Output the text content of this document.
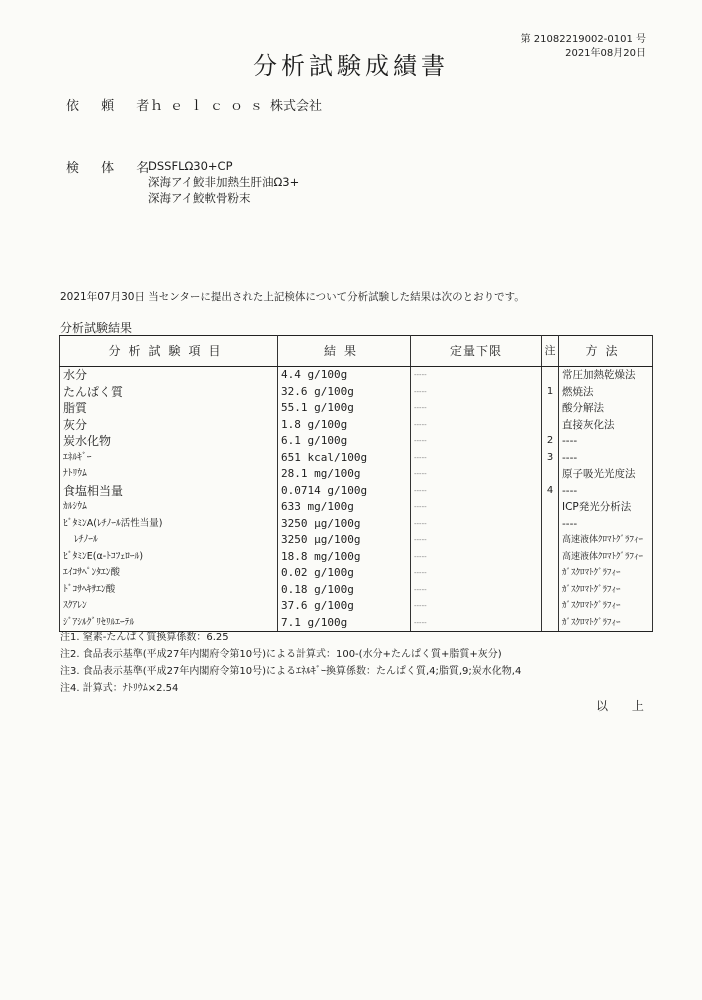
第 21082219002-0101 号
2021年08月20日
分析試験成績書
依 頼 者
ｈｅｌｃｏｓ株式会社
検 体 名
DSSFLΩ30+CP
深海アイ鮫非加熱生肝油Ω3+
深海アイ鮫軟骨粉末
2021年07月30日 当センターに提出された上記検体について分析試験した結果は次のとおりです。
分析試験結果
分析試験項目	結果	定量下限	注	方法
水分	4.4 g/100g	-----		常圧加熱乾燥法
たんぱく質	32.6 g/100g	-----	1	燃焼法
脂質	55.1 g/100g	-----		酸分解法
灰分	1.8 g/100g	-----		直接灰化法
炭水化物	6.1 g/100g	-----	2	----
ｴﾈﾙｷﾞｰ	651 kcal/100g	-----	3	----
ﾅﾄﾘｳﾑ	28.1 mg/100g	-----		原子吸光光度法
食塩相当量	0.0714 g/100g	-----	4	----
ｶﾙｼｳﾑ	633 mg/100g	-----		ICP発光分析法
ﾋﾞﾀﾐﾝA(ﾚﾁﾉｰﾙ活性当量)	3250 μg/100g	-----		----
ﾚﾁﾉｰﾙ	3250 μg/100g	-----		高速液体ｸﾛﾏﾄｸﾞﾗﾌｨｰ
ﾋﾞﾀﾐﾝE(α-ﾄｺﾌｪﾛｰﾙ)	18.8 mg/100g	-----		高速液体ｸﾛﾏﾄｸﾞﾗﾌｨｰ
ｴｲｺｻﾍﾟﾝﾀｴﾝ酸	0.02 g/100g	-----		ｶﾞｽｸﾛﾏﾄｸﾞﾗﾌｨｰ
ﾄﾞｺｻﾍｷｻｴﾝ酸	0.18 g/100g	-----		ｶﾞｽｸﾛﾏﾄｸﾞﾗﾌｨｰ
ｽｸｱﾚﾝ	37.6 g/100g	-----		ｶﾞｽｸﾛﾏﾄｸﾞﾗﾌｨｰ
ｼﾞｱｼﾙｸﾞﾘｾﾘﾙｴｰﾃﾙ	7.1 g/100g	-----		ｶﾞｽｸﾛﾏﾄｸﾞﾗﾌｨｰ
注1. 窒素-たんぱく質換算係数：6.25
注2. 食品表示基準(平成27年内閣府令第10号)による計算式：100-(水分+たんぱく質+脂質+灰分)
注3. 食品表示基準(平成27年内閣府令第10号)によるｴﾈﾙｷﾞｰ換算係数：たんぱく質,4;脂質,9;炭水化物,4
注4. 計算式：ﾅﾄﾘｳﾑ×2.54
以 上
